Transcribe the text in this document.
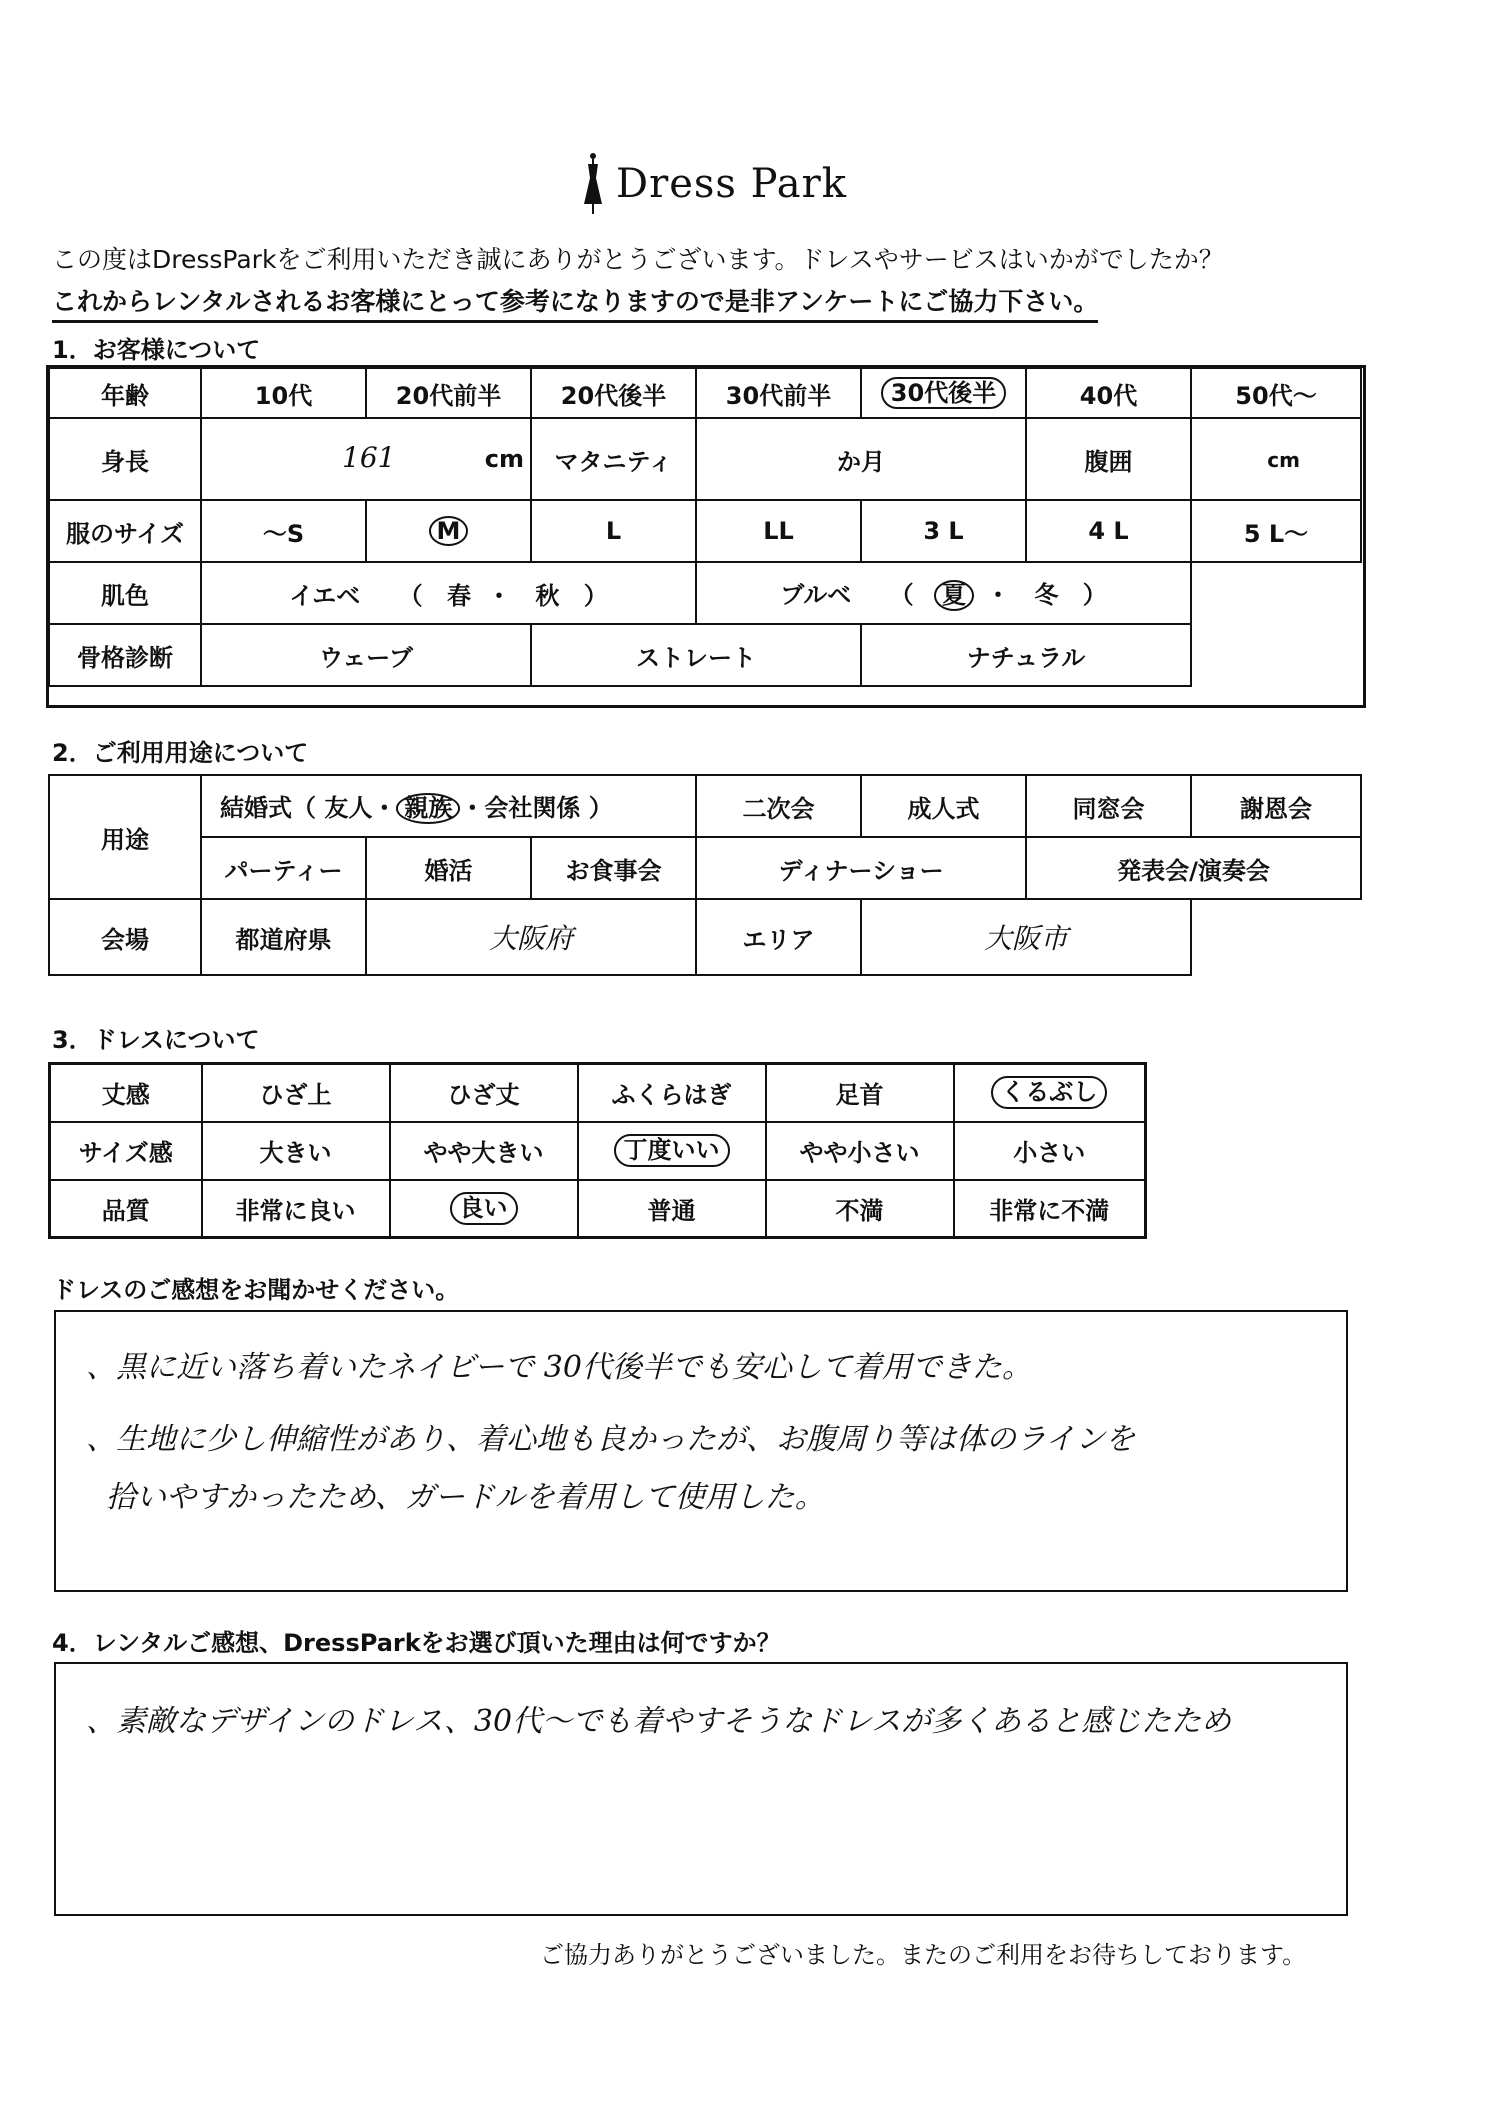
Dress Park
この度はDressParkをご利用いただき誠にありがとうございます。ドレスやサービスはいかがでしたか？
これからレンタルされるお客様にとって参考になりますので是非アンケートにご協力下さい。
1．お客様について
年齢	10代	20代前半	20代後半	30代前半	30代後半	40代	50代〜
身長	161 cm		マタニティ	か月		腹囲	cm
服のサイズ	〜S	M	L	LL	3 L	4 L	5 L〜
肌色	イエベ （ 春 ・ 秋 ）			ブルベ （ 夏 ・ 冬 ）			
骨格診断	ウェーブ		ストレート		ナチュラル		
2．ご利用用途について
用途	結婚式（ 友人・ 親族 ・会社関係 ）			二次会	成人式	同窓会	謝恩会
	パーティー	婚活	お食事会	ディナーショー		発表会/演奏会	
会場	都道府県	大阪府		エリア	大阪市		
3．ドレスについて
丈感	ひざ上	ひざ丈	ふくらはぎ	足首	くるぶし
サイズ感	大きい	やや大きい	丁度いい	やや小さい	小さい
品質	非常に良い	良い	普通	不満	非常に不満
ドレスのご感想をお聞かせください。
、黒に近い落ち着いたネイビーで 30代後半でも安心して着用できた。
、生地に少し伸縮性があり、着心地も良かったが、お腹周り等は体のラインを
拾いやすかったため、ガードルを着用して使用した。
4．レンタルご感想、DressParkをお選び頂いた理由は何ですか？
、素敵なデザインのドレス、30代〜でも着やすそうなドレスが多くあると感じたため
ご協力ありがとうございました。またのご利用をお待ちしております。
